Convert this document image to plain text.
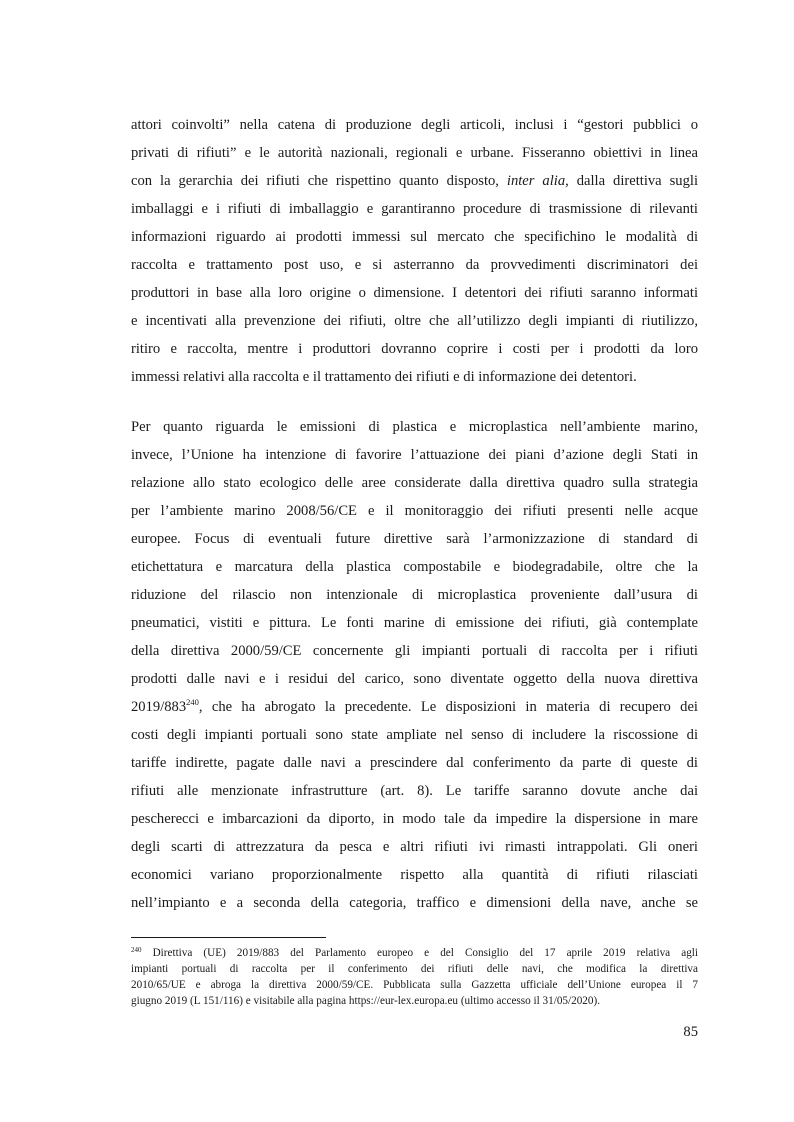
attori coinvolti” nella catena di produzione degli articoli, inclusi i “gestori pubblici o
privati di rifiuti” e le autorità nazionali, regionali e urbane. Fisseranno obiettivi in linea
con la gerarchia dei rifiuti che rispettino quanto disposto, inter alia, dalla direttiva sugli
imballaggi e i rifiuti di imballaggio e garantiranno procedure di trasmissione di rilevanti
informazioni riguardo ai prodotti immessi sul mercato che specifichino le modalità di
raccolta e trattamento post uso, e si asterranno da provvedimenti discriminatori dei
produttori in base alla loro origine o dimensione. I detentori dei rifiuti saranno informati
e incentivati alla prevenzione dei rifiuti, oltre che all’utilizzo degli impianti di riutilizzo,
ritiro e raccolta, mentre i produttori dovranno coprire i costi per i prodotti da loro
immessi relativi alla raccolta e il trattamento dei rifiuti e di informazione dei detentori.
Per quanto riguarda le emissioni di plastica e microplastica nell’ambiente marino,
invece, l’Unione ha intenzione di favorire l’attuazione dei piani d’azione degli Stati in
relazione allo stato ecologico delle aree considerate dalla direttiva quadro sulla strategia
per l’ambiente marino 2008/56/CE e il monitoraggio dei rifiuti presenti nelle acque
europee. Focus di eventuali future direttive sarà l’armonizzazione di standard di
etichettatura e marcatura della plastica compostabile e biodegradabile, oltre che la
riduzione del rilascio non intenzionale di microplastica proveniente dall’usura di
pneumatici, vistiti e pittura. Le fonti marine di emissione dei rifiuti, già contemplate
della direttiva 2000/59/CE concernente gli impianti portuali di raccolta per i rifiuti
prodotti dalle navi e i residui del carico, sono diventate oggetto della nuova direttiva
$2019/883^{240}$, che ha abrogato la precedente. Le disposizioni in materia di recupero dei
costi degli impianti portuali sono state ampliate nel senso di includere la riscossione di
tariffe indirette, pagate dalle navi a prescindere dal conferimento da parte di queste di
rifiuti alle menzionate infrastrutture (art. 8). Le tariffe saranno dovute anche dai
pescherecci e imbarcazioni da diporto, in modo tale da impedire la dispersione in mare
degli scarti di attrezzatura da pesca e altri rifiuti ivi rimasti intrappolati. Gli oneri
economici variano proporzionalmente rispetto alla quantità di rifiuti rilasciati
nell’impianto e a seconda della categoria, traffico e dimensioni della nave, anche se
$^{240}$ Direttiva (UE) 2019/883 del Parlamento europeo e del Consiglio del 17 aprile 2019 relativa agli
impianti portuali di raccolta per il conferimento dei rifiuti delle navi, che modifica la direttiva
2010/65/UE e abroga la direttiva 2000/59/CE. Pubblicata sulla Gazzetta ufficiale dell’Unione europea il 7
giugno 2019 (L 151/116) e visitabile alla pagina https://eur-lex.europa.eu (ultimo accesso il 31/05/2020).
85
